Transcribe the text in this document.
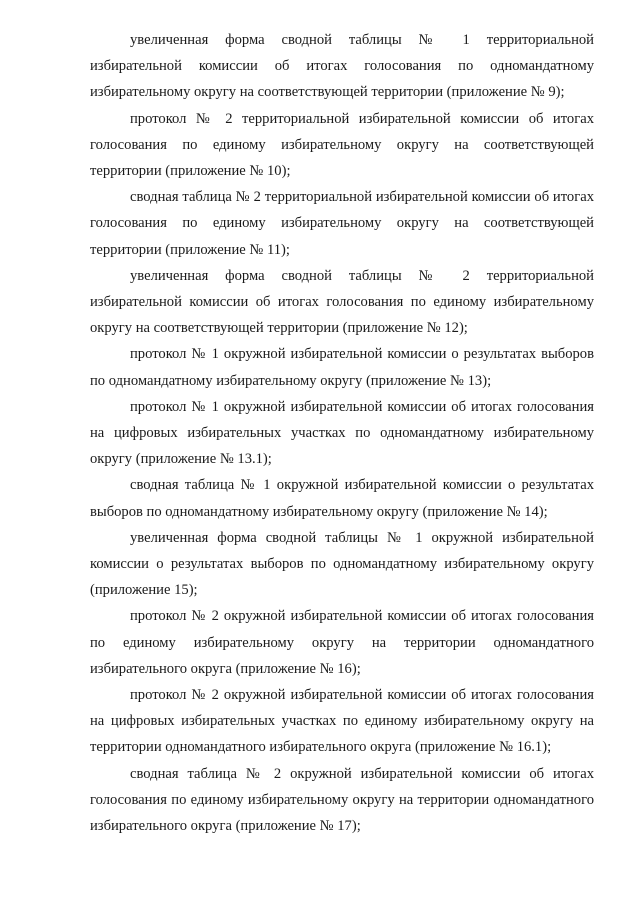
увеличенная форма сводной таблицы № 1 территориальной избирательной комиссии об итогах голосования по одномандатному избирательному округу на соответствующей территории (приложение № 9);

протокол № 2 территориальной избирательной комиссии об итогах голосования по единому избирательному округу на соответствующей территории (приложение № 10);

сводная таблица № 2 территориальной избирательной комиссии об итогах голосования по единому избирательному округу на соответствующей территории (приложение № 11);

увеличенная форма сводной таблицы № 2 территориальной избирательной комиссии об итогах голосования по единому избирательному округу на соответствующей территории (приложение № 12);

протокол № 1 окружной избирательной комиссии о результатах выборов по одномандатному избирательному округу (приложение № 13);

протокол № 1 окружной избирательной комиссии об итогах голосования на цифровых избирательных участках по одномандатному избирательному округу (приложение № 13.1);

сводная таблица № 1 окружной избирательной комиссии о результатах выборов по одномандатному избирательному округу (приложение № 14);

увеличенная форма сводной таблицы № 1 окружной избирательной комиссии о результатах выборов по одномандатному избирательному округу (приложение 15);

протокол № 2 окружной избирательной комиссии об итогах голосования по единому избирательному округу на территории одномандатного избирательного округа (приложение № 16);

протокол № 2 окружной избирательной комиссии об итогах голосования на цифровых избирательных участках по единому избирательному округу на территории одномандатного избирательного округа (приложение № 16.1);

сводная таблица № 2 окружной избирательной комиссии об итогах голосования по единому избирательному округу на территории одномандатного избирательного округа (приложение № 17);
